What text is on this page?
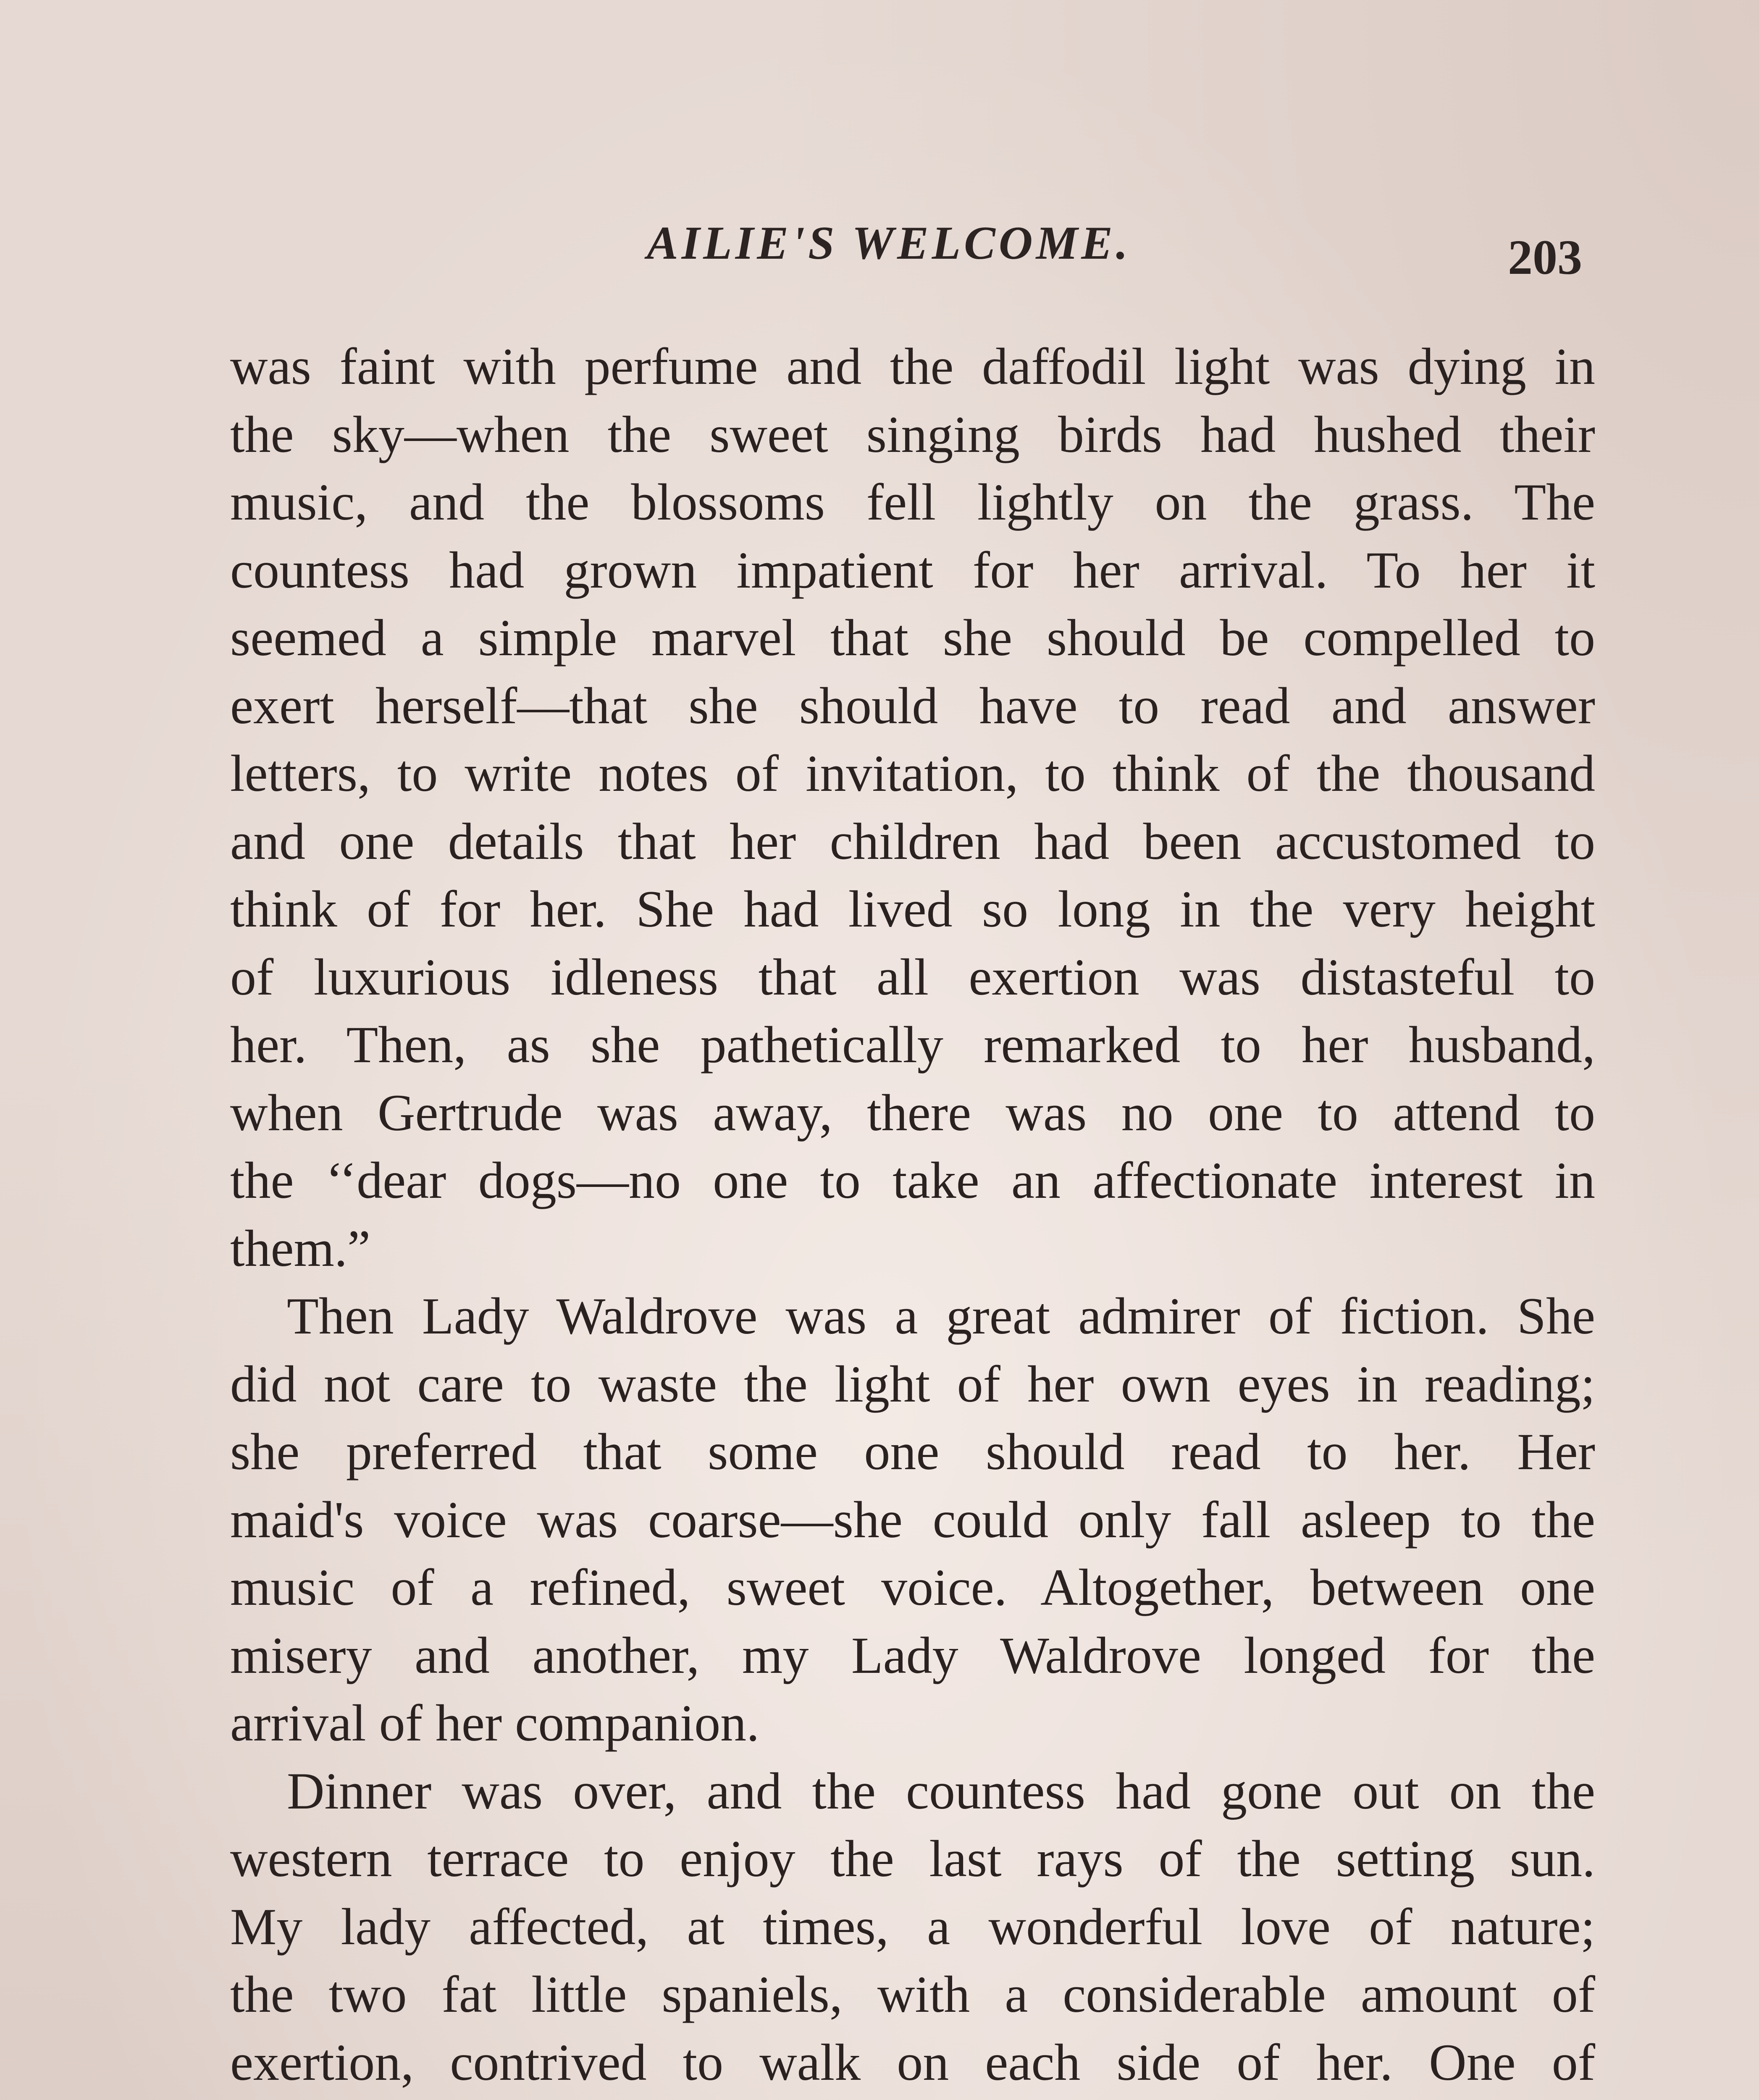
AILIE'S WELCOME.	203
was faint with perfume and the daffodil light was dying in
the sky—when the sweet singing birds had hushed their
music, and the blossoms fell lightly on the grass. The
countess had grown impatient for her arrival. To her it
seemed a simple marvel that she should be compelled to
exert herself—that she should have to read and answer
letters, to write notes of invitation, to think of the thousand
and one details that her children had been accustomed to
think of for her. She had lived so long in the very height
of luxurious idleness that all exertion was distasteful to
her. Then, as she pathetically remarked to her husband,
when Gertrude was away, there was no one to attend to
the ‘‘dear dogs—no one to take an affectionate interest in
them.”
Then Lady Waldrove was a great admirer of fiction. She
did not care to waste the light of her own eyes in reading;
she preferred that some one should read to her. Her
maid's voice was coarse—she could only fall asleep to the
music of a refined, sweet voice. Altogether, between one
misery and another, my Lady Waldrove longed for the
arrival of her companion.
Dinner was over, and the countess had gone out on the
western terrace to enjoy the last rays of the setting sun.
My lady affected, at times, a wonderful love of nature;
the two fat little spaniels, with a considerable amount of
exertion, contrived to walk on each side of her. One of
